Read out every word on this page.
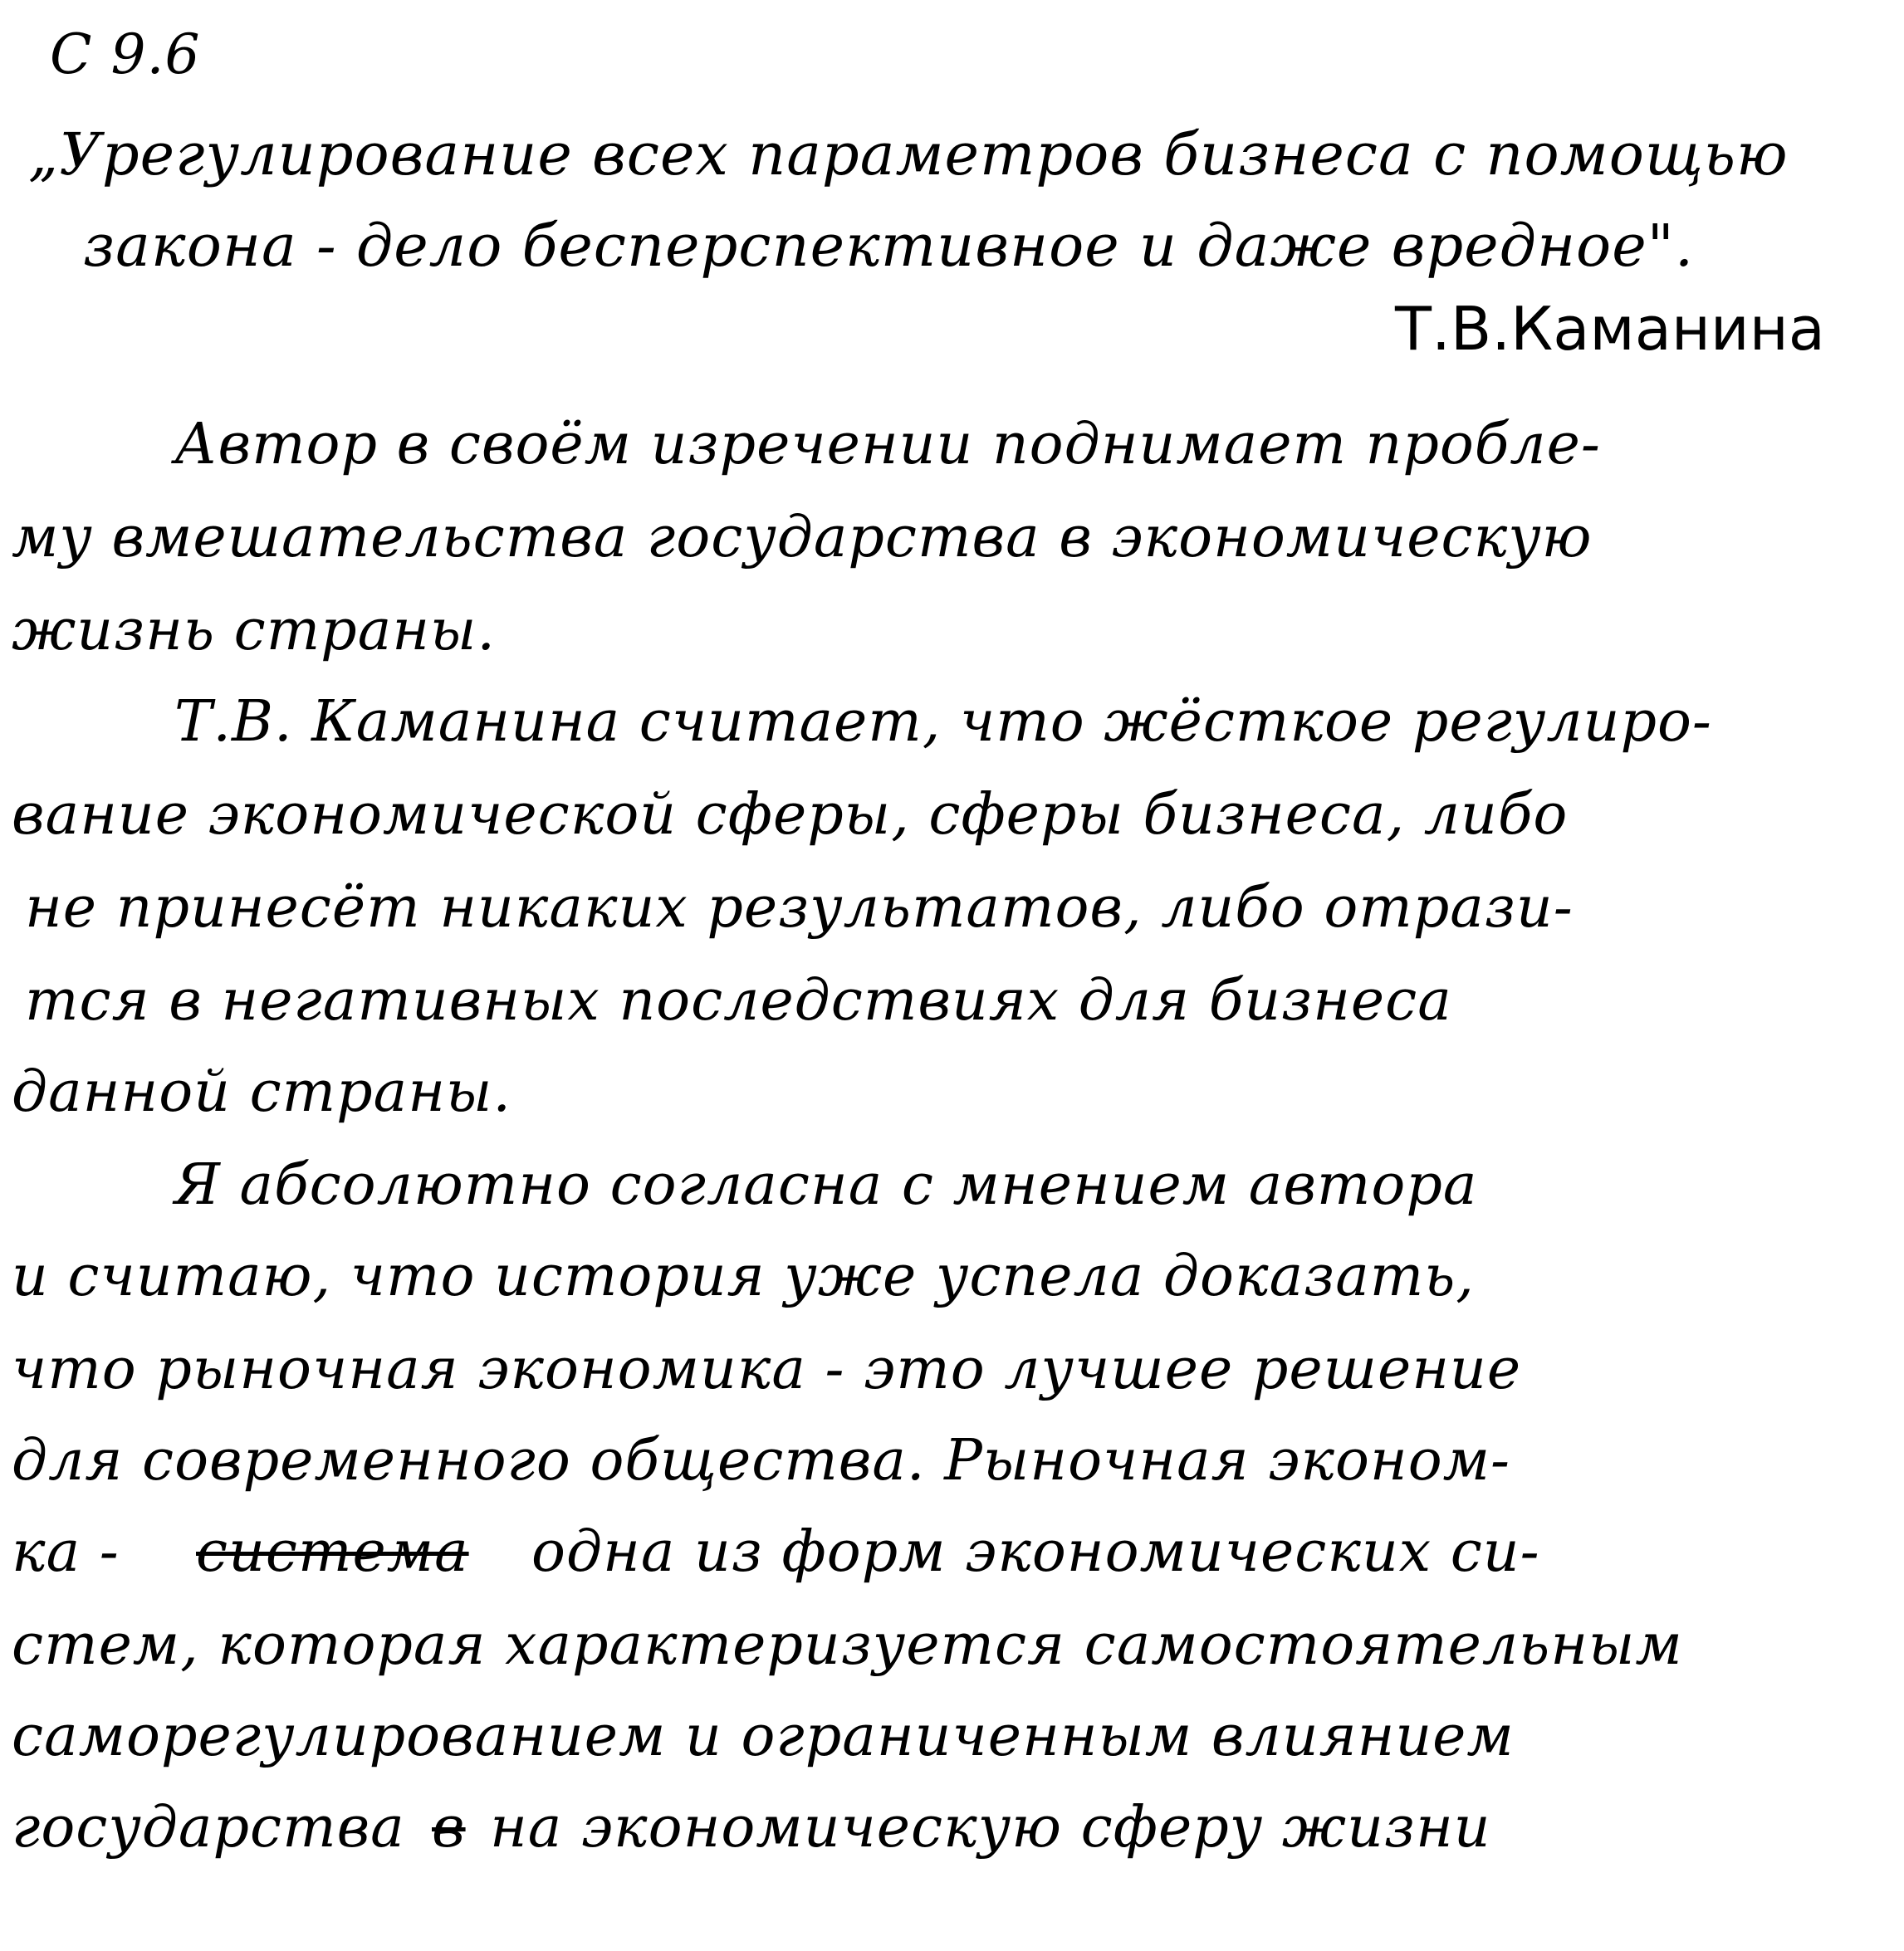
С 9.6
„Урегулирование всех параметров бизнеса с помощью
закона - дело бесперспективное и даже вредное".
Т.В.Каманина
Автор в своём изречении поднимает пробле-
му вмешательства государства в экономическую
жизнь страны.
Т.В. Каманина считает, что жёсткое регулиро-
вание экономической сферы, сферы бизнеса, либо
не принесёт никаких результатов, либо отрази-
тся в негативных последствиях для бизнеса
данной страны.
Я абсолютно согласна с мнением автора
и считаю, что история уже успела доказать,
что рыночная экономика - это лучшее решение
для современного общества. Рыночная эконом-
ка - система одна из форм экономических си-
стем, которая характеризуется самостоятельным
саморегулированием и ограниченным влиянием
государства в на экономическую сферу жизни
